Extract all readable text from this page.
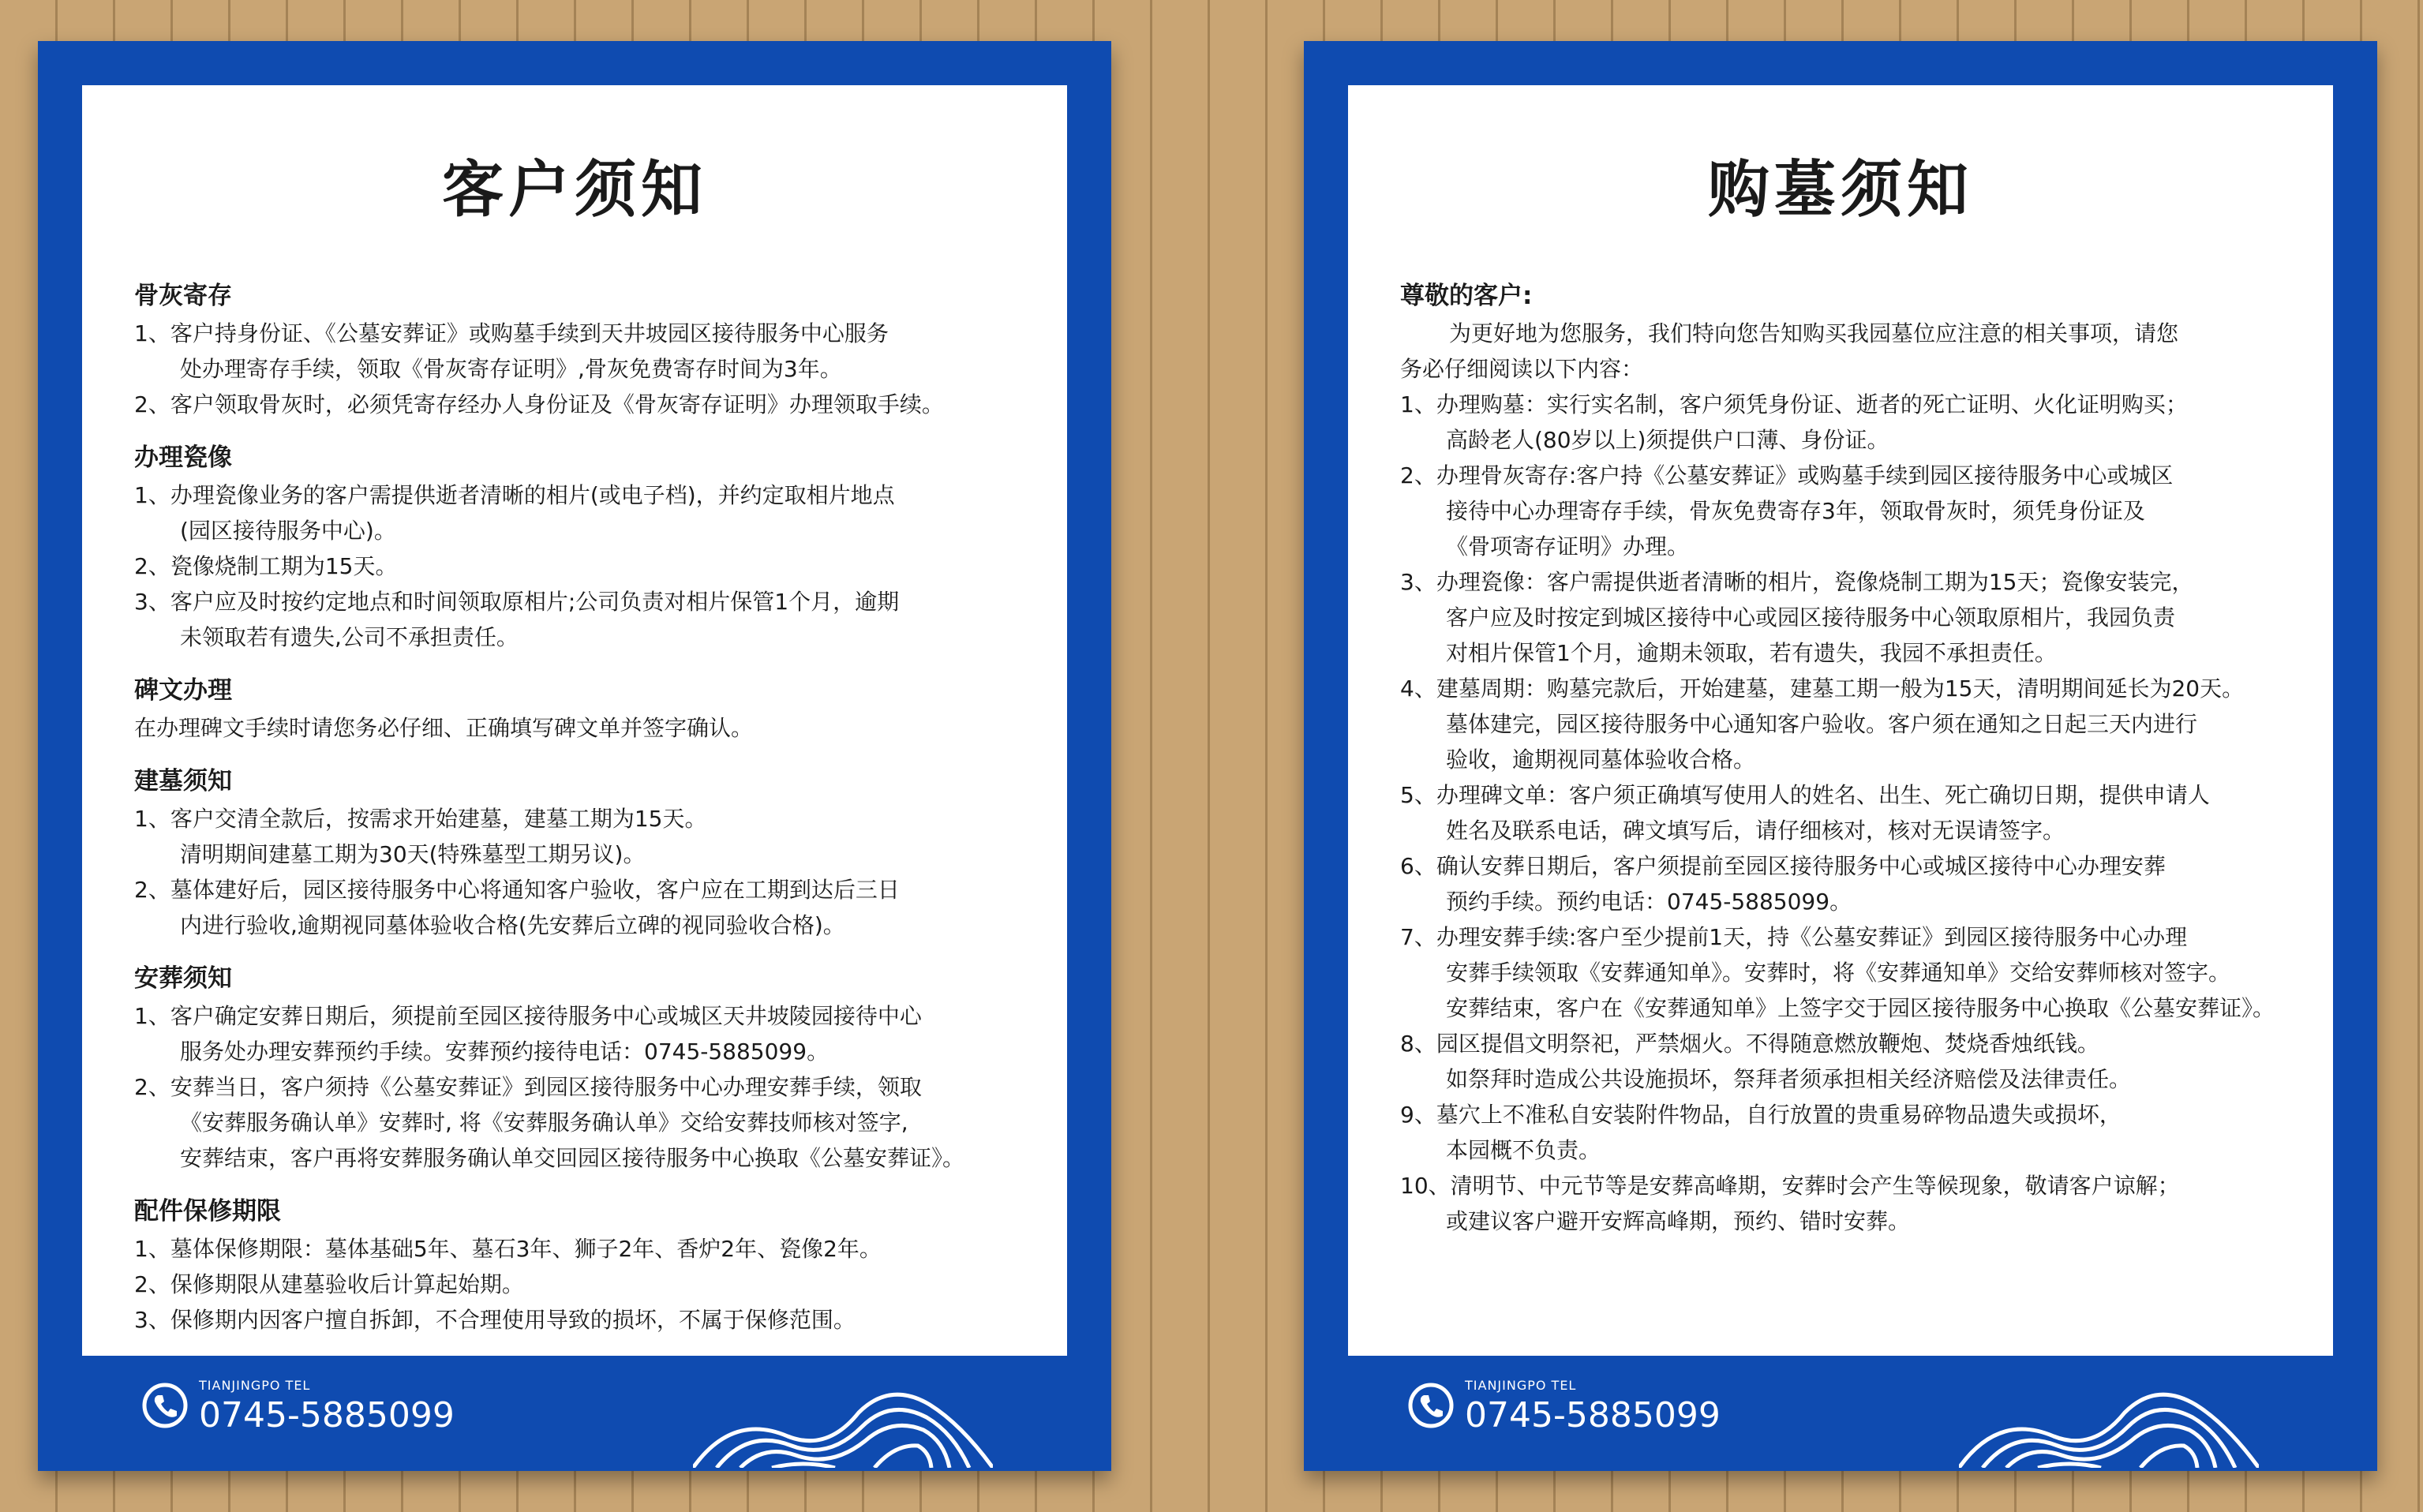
客户须知
骨灰寄存
1、客户持身份证、《公墓安葬证》或购墓手续到天井坡园区接待服务中心服务
处办理寄存手续，领取《骨灰寄存证明》,骨灰免费寄存时间为3年。
2、客户领取骨灰时，必须凭寄存经办人身份证及《骨灰寄存证明》办理领取手续。
办理瓷像
1、办理瓷像业务的客户需提供逝者清晰的相片(或电子档)，并约定取相片地点
(园区接待服务中心)。
2、瓷像烧制工期为15天。
3、客户应及时按约定地点和时间领取原相片;公司负责对相片保管1个月，逾期
未领取若有遗失,公司不承担责任。
碑文办理
在办理碑文手续时请您务必仔细、正确填写碑文单并签字确认。
建墓须知
1、客户交清全款后，按需求开始建墓，建墓工期为15天。
清明期间建墓工期为30天(特殊墓型工期另议)。
2、墓体建好后，园区接待服务中心将通知客户验收，客户应在工期到达后三日
内进行验收,逾期视同墓体验收合格(先安葬后立碑的视同验收合格)。
安葬须知
1、客户确定安葬日期后，须提前至园区接待服务中心或城区天井坡陵园接待中心
服务处办理安葬预约手续。安葬预约接待电话：0745-5885099。
2、安葬当日，客户须持《公墓安葬证》到园区接待服务中心办理安葬手续，领取
《安葬服务确认单》安葬时, 将《安葬服务确认单》交给安葬技师核对签字,
安葬结束，客户再将安葬服务确认单交回园区接待服务中心换取《公墓安葬证》。
配件保修期限
1、墓体保修期限：墓体基础5年、墓石3年、狮子2年、香炉2年、瓷像2年。
2、保修期限从建墓验收后计算起始期。
3、保修期内因客户擅自拆卸，不合理使用导致的损坏，不属于保修范围。
TIANJINGPO TEL
0745-5885099
购墓须知
尊敬的客户:
为更好地为您服务，我们特向您告知购买我园墓位应注意的相关事项，请您
务必仔细阅读以下内容：
1、办理购墓：实行实名制，客户须凭身份证、逝者的死亡证明、火化证明购买；
高龄老人(80岁以上)须提供户口薄、身份证。
2、办理骨灰寄存:客户持《公墓安葬证》或购墓手续到园区接待服务中心或城区
接待中心办理寄存手续，骨灰免费寄存3年，领取骨灰时，须凭身份证及
《骨项寄存证明》办理。
3、办理瓷像：客户需提供逝者清晰的相片，瓷像烧制工期为15天；瓷像安装完，
客户应及时按定到城区接待中心或园区接待服务中心领取原相片，我园负责
对相片保管1个月，逾期未领取，若有遗失，我园不承担责任。
4、建墓周期：购墓完款后，开始建墓，建墓工期一般为15天，清明期间延长为20天。
墓体建完，园区接待服务中心通知客户验收。客户须在通知之日起三天内进行
验收，逾期视同墓体验收合格。
5、办理碑文单：客户须正确填写使用人的姓名、出生、死亡确切日期，提供申请人
姓名及联系电话，碑文填写后，请仔细核对，核对无误请签字。
6、确认安葬日期后，客户须提前至园区接待服务中心或城区接待中心办理安葬
预约手续。预约电话：0745-5885099。
7、办理安葬手续:客户至少提前1天，持《公墓安葬证》到园区接待服务中心办理
安葬手续领取《安葬通知单》。安葬时，将《安葬通知单》交给安葬师核对签字。
安葬结束，客户在《安葬通知单》上签字交于园区接待服务中心换取《公墓安葬证》。
8、园区提倡文明祭祀，严禁烟火。不得随意燃放鞭炮、焚烧香烛纸钱。
如祭拜时造成公共设施损坏，祭拜者须承担相关经济赔偿及法律责任。
9、墓穴上不准私自安装附件物品，自行放置的贵重易碎物品遗失或损坏，
本园概不负责。
10、清明节、中元节等是安葬高峰期，安葬时会产生等候现象，敬请客户谅解；
或建议客户避开安辉高峰期，预约、错时安葬。
TIANJINGPO TEL
0745-5885099
